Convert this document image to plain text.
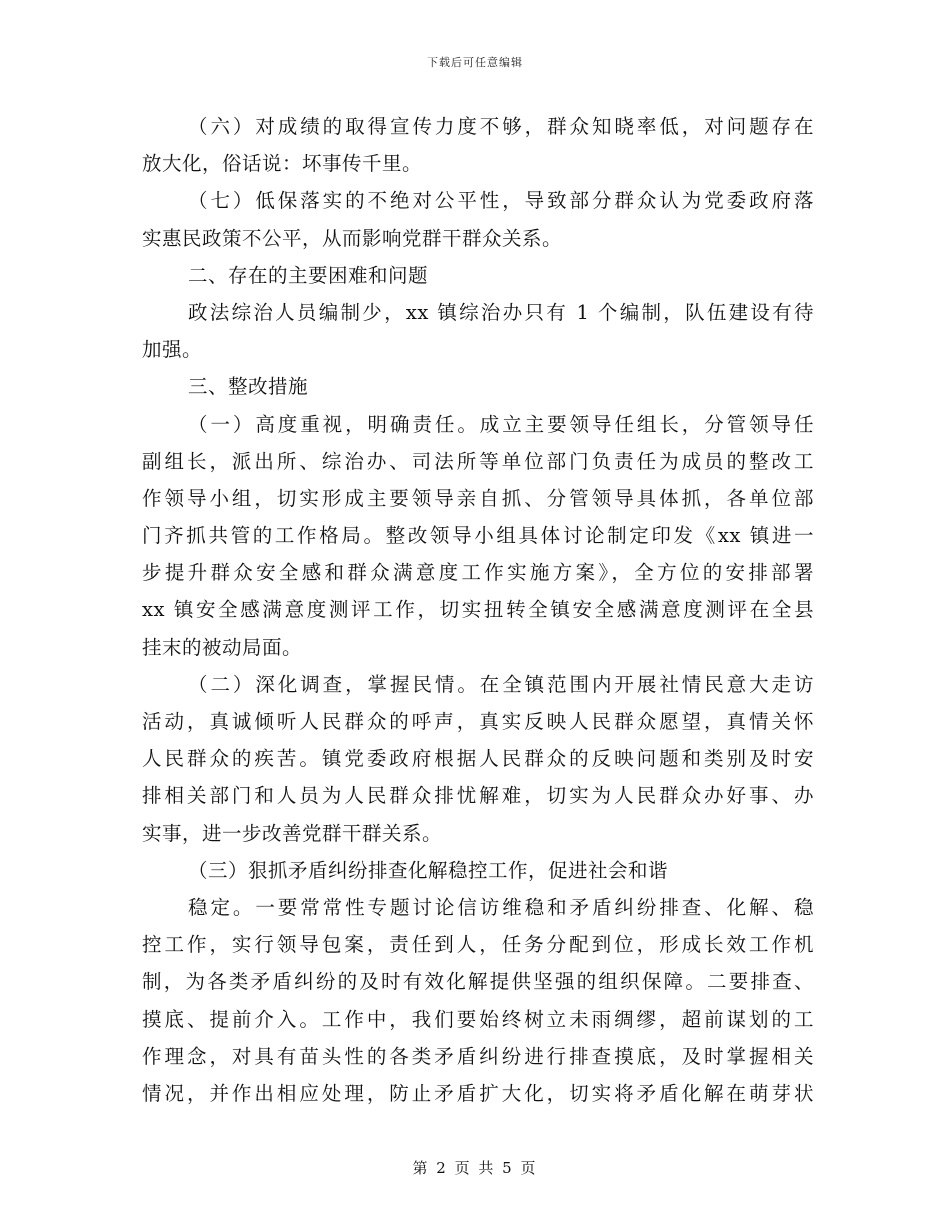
下载后可任意编辑
（六）对成绩的取得宣传力度不够，群众知晓率低，对问题存在
放大化，俗话说：坏事传千里。
（七）低保落实的不绝对公平性，导致部分群众认为党委政府落
实惠民政策不公平，从而影响党群干群众关系。
二、存在的主要困难和问题
政法综治人员编制少，xx 镇综治办只有 1 个编制，队伍建设有待
加强。
三、整改措施
（一）高度重视，明确责任。成立主要领导任组长，分管领导任
副组长，派出所、综治办、司法所等单位部门负责任为成员的整改工
作领导小组，切实形成主要领导亲自抓、分管领导具体抓，各单位部
门齐抓共管的工作格局。整改领导小组具体讨论制定印发《xx 镇进一
步提升群众安全感和群众满意度工作实施方案》，全方位的安排部署
xx 镇安全感满意度测评工作，切实扭转全镇安全感满意度测评在全县
挂末的被动局面。
（二）深化调查，掌握民情。在全镇范围内开展社情民意大走访
活动，真诚倾听人民群众的呼声，真实反映人民群众愿望，真情关怀
人民群众的疾苦。镇党委政府根据人民群众的反映问题和类别及时安
排相关部门和人员为人民群众排忧解难，切实为人民群众办好事、办
实事，进一步改善党群干群关系。
（三）狠抓矛盾纠纷排查化解稳控工作，促进社会和谐
稳定。一要常常性专题讨论信访维稳和矛盾纠纷排查、化解、稳
控工作，实行领导包案，责任到人，任务分配到位，形成长效工作机
制，为各类矛盾纠纷的及时有效化解提供坚强的组织保障。二要排查、
摸底、提前介入。工作中，我们要始终树立未雨绸缪，超前谋划的工
作理念，对具有苗头性的各类矛盾纠纷进行排查摸底，及时掌握相关
情况，并作出相应处理，防止矛盾扩大化，切实将矛盾化解在萌芽状
第 2 页 共 5 页
